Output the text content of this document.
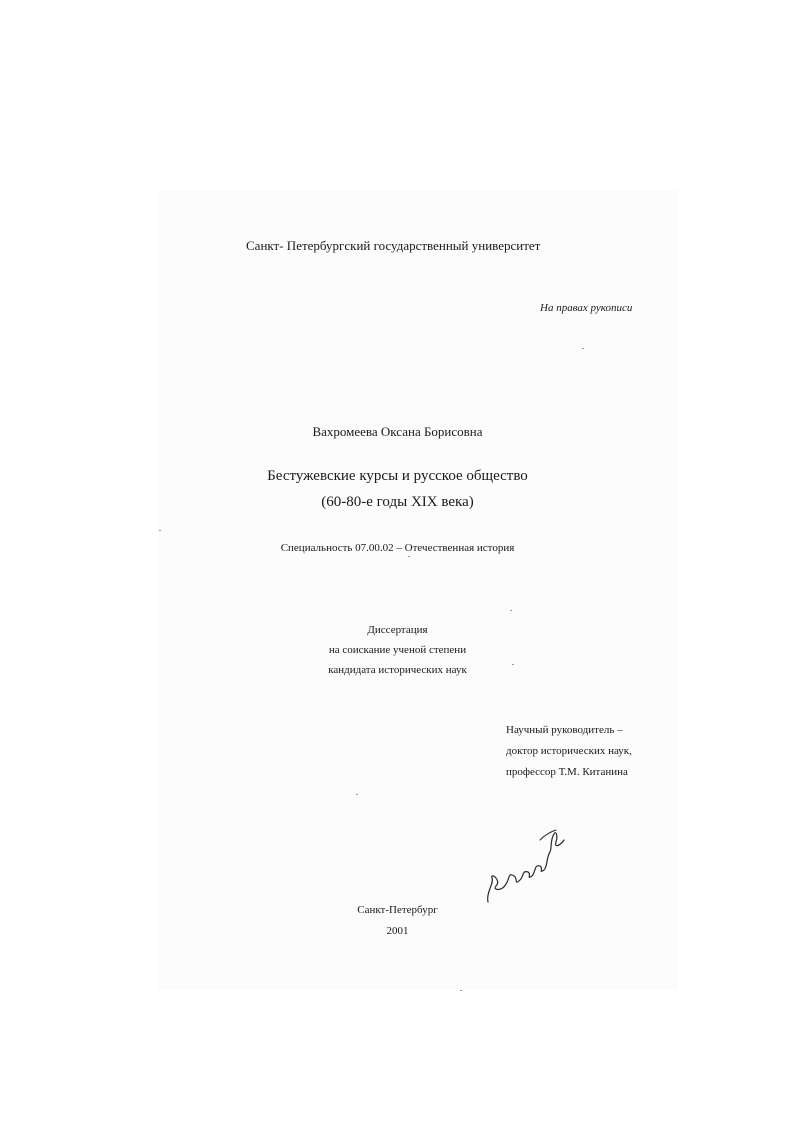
Санкт- Петербургский государственный университет
На правах рукописи
Вахромеева Оксана Борисовна
Бестужевские курсы и русское общество
(60-80-е годы XIX века)
Специальность 07.00.02 – Отечественная история
Диссертация
на соискание ученой степени
кандидата исторических наук
Научный руководитель –
доктор исторических наук,
профессор Т.М. Китанина
Санкт-Петербург
2001
